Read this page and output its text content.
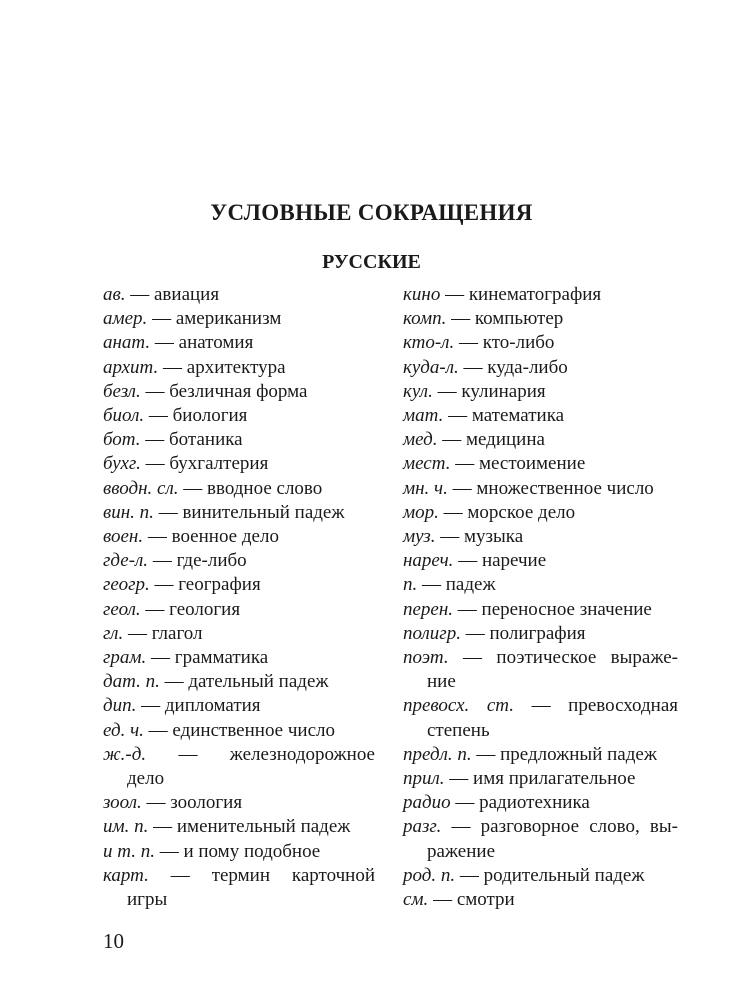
УСЛОВНЫЕ СОКРАЩЕНИЯ
РУССКИЕ
ав. — авиация
амер. — американизм
анат. — анатомия
архит. — архитектура
безл. — безличная форма
биол. — биология
бот. — ботаника
бухг. — бухгалтерия
вводн. сл. — вводное слово
вин. п. — винительный падеж
воен. — военное дело
где-л. — где-либо
геогр. — география
геол. — геология
гл. — глагол
грам. — грамматика
дат. п. — дательный падеж
дип. — дипломатия
ед. ч. — единственное число
ж.-д. — железнодорожное
дело
зоол. — зоология
им. п. — именительный падеж
и т. п. — и пому подобное
карт. — термин карточной
игры
кино — кинематография
комп. — компьютер
кто-л. — кто-либо
куда-л. — куда-либо
кул. — кулинария
мат. — математика
мед. — медицина
мест. — местоимение
мн. ч. — множественное число
мор. — морское дело
муз. — музыка
нареч. — наречие
п. — падеж
перен. — переносное значение
полигр. — полиграфия
поэт. — поэтическое выраже-
ние
превосх. ст. — превосходная
степень
предл. п. — предложный падеж
прил. — имя прилагательное
радио — радиотехника
разг. — разговорное слово, вы-
ражение
род. п. — родительный падеж
см. — смотри
10
